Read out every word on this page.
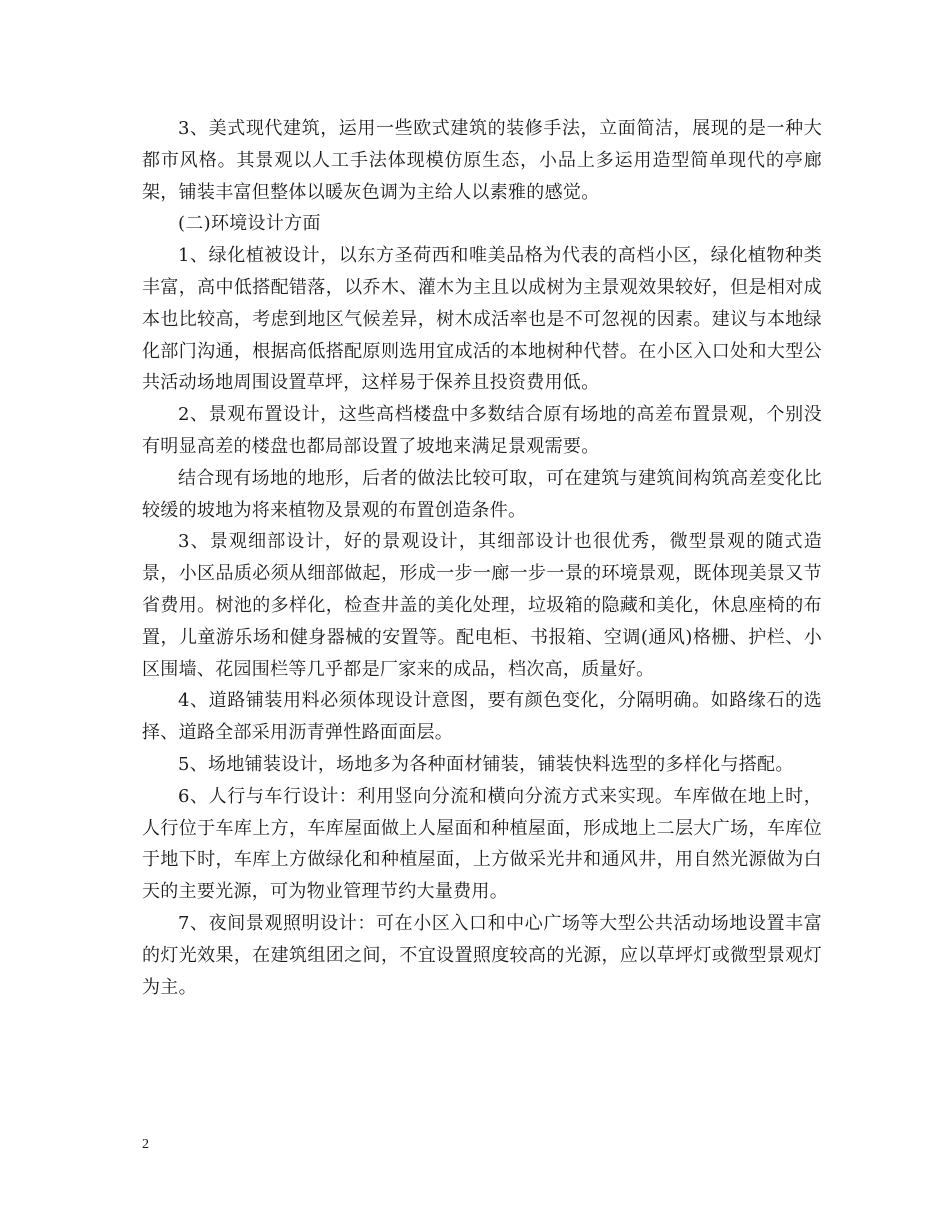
3、美式现代建筑，运用一些欧式建筑的装修手法，立面简洁，展现的是一种大都市风格。其景观以人工手法体现模仿原生态，小品上多运用造型简单现代的亭廊架，铺装丰富但整体以暖灰色调为主给人以素雅的感觉。

(二)环境设计方面

1、绿化植被设计，以东方圣荷西和唯美品格为代表的高档小区，绿化植物种类丰富，高中低搭配错落，以乔木、灌木为主且以成树为主景观效果较好，但是相对成本也比较高，考虑到地区气候差异，树木成活率也是不可忽视的因素。建议与本地绿化部门沟通，根据高低搭配原则选用宜成活的本地树种代替。在小区入口处和大型公共活动场地周围设置草坪，这样易于保养且投资费用低。

2、景观布置设计，这些高档楼盘中多数结合原有场地的高差布置景观，个别没有明显高差的楼盘也都局部设置了坡地来满足景观需要。

结合现有场地的地形，后者的做法比较可取，可在建筑与建筑间构筑高差变化比较缓的坡地为将来植物及景观的布置创造条件。

3、景观细部设计，好的景观设计，其细部设计也很优秀，微型景观的随式造景，小区品质必须从细部做起，形成一步一廊一步一景的环境景观，既体现美景又节省费用。树池的多样化，检查井盖的美化处理，垃圾箱的隐藏和美化，休息座椅的布置，儿童游乐场和健身器械的安置等。配电柜、书报箱、空调(通风)格栅、护栏、小区围墙、花园围栏等几乎都是厂家来的成品，档次高，质量好。

4、道路铺装用料必须体现设计意图，要有颜色变化，分隔明确。如路缘石的选择、道路全部采用沥青弹性路面面层。

5、场地铺装设计，场地多为各种面材铺装，铺装快料选型的多样化与搭配。

6、人行与车行设计：利用竖向分流和横向分流方式来实现。车库做在地上时，人行位于车库上方，车库屋面做上人屋面和种植屋面，形成地上二层大广场，车库位于地下时，车库上方做绿化和种植屋面，上方做采光井和通风井，用自然光源做为白天的主要光源，可为物业管理节约大量费用。

7、夜间景观照明设计：可在小区入口和中心广场等大型公共活动场地设置丰富的灯光效果，在建筑组团之间，不宜设置照度较高的光源，应以草坪灯或微型景观灯为主。

2
